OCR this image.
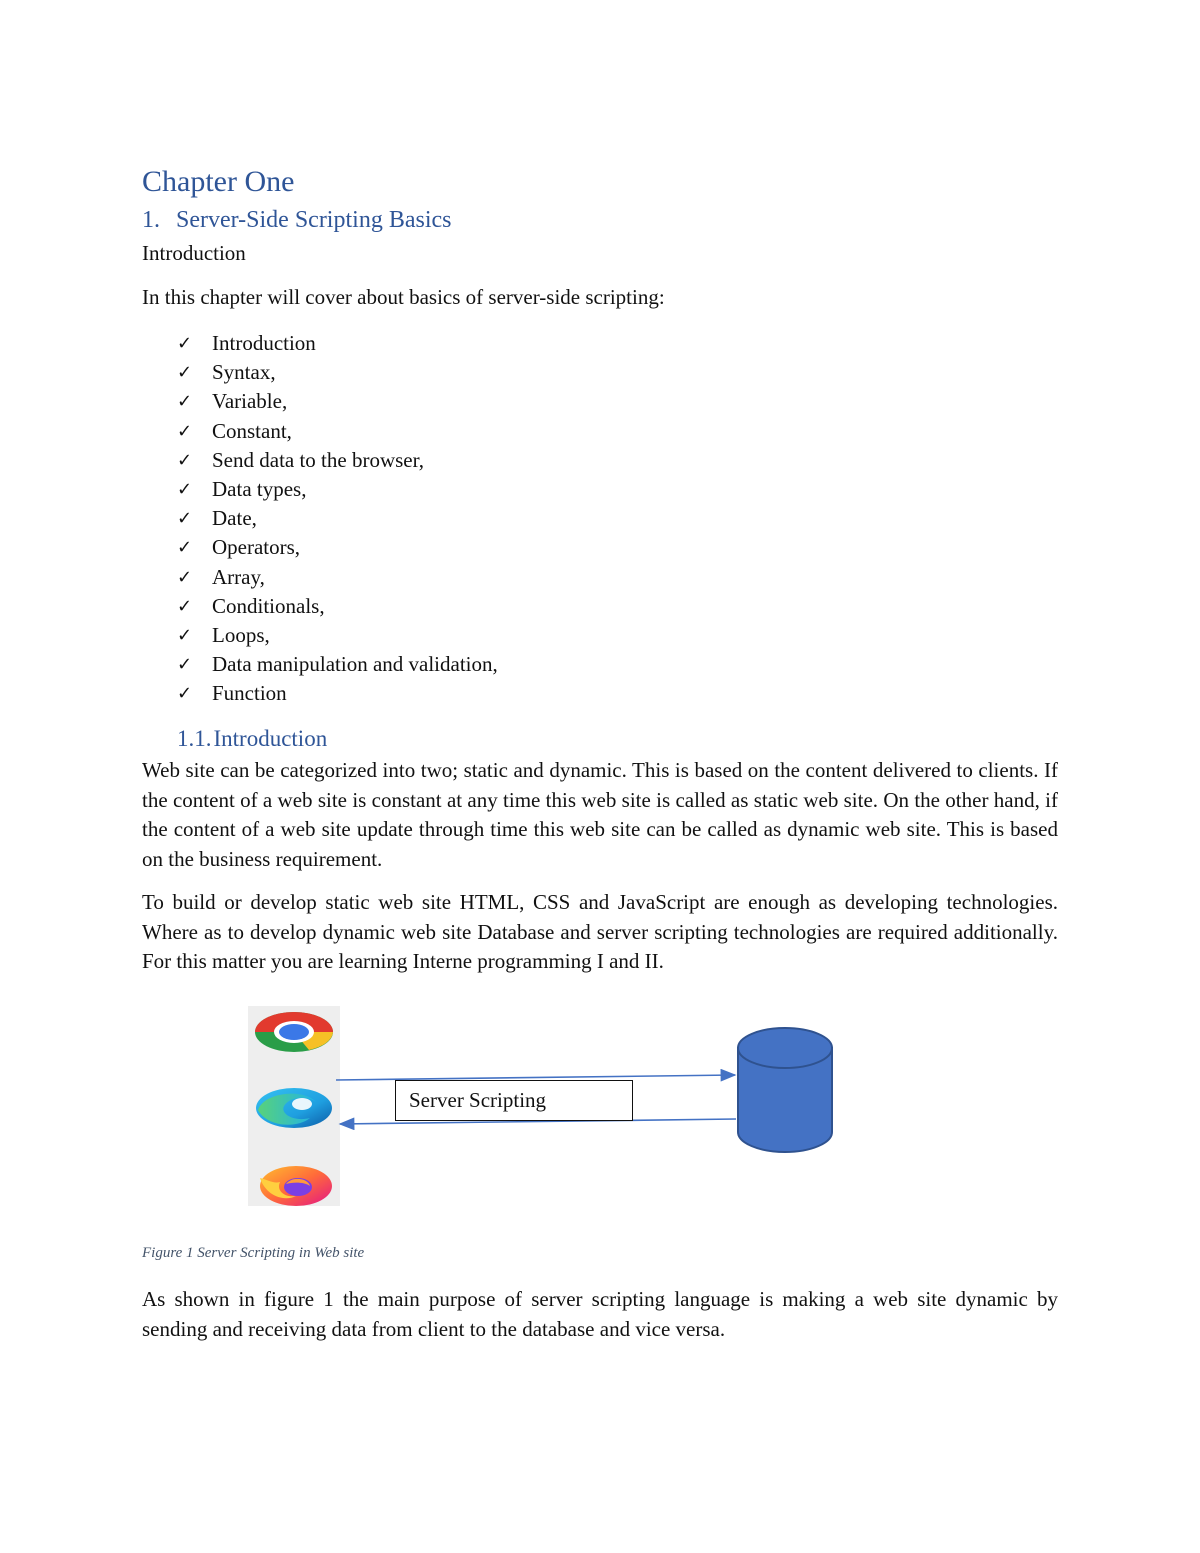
Chapter One
1. Server-Side Scripting Basics
Introduction
In this chapter will cover about basics of server-side scripting:
✓ Introduction
✓ Syntax,
✓ Variable,
✓ Constant,
✓ Send data to the browser,
✓ Data types,
✓ Date,
✓ Operators,
✓ Array,
✓ Conditionals,
✓ Loops,
✓ Data manipulation and validation,
✓ Function
1.1.Introduction

Web site can be categorized into two; static and dynamic. This is based on the content delivered to clients. If the content of a web site is constant at any time this web site is called as static web site. On the other hand, if the content of a web site update through time this web site can be called as dynamic web site. This is based on the business requirement.

To build or develop static web site HTML, CSS and JavaScript are enough as developing technologies. Where as to develop dynamic web site Database and server scripting technologies are required additionally. For this matter you are learning Interne programming I and II.

Figure 1 Server Scripting in Web site

As shown in figure 1 the main purpose of server scripting language is making a web site dynamic by sending and receiving data from client to the database and vice versa.

Server Scripting
